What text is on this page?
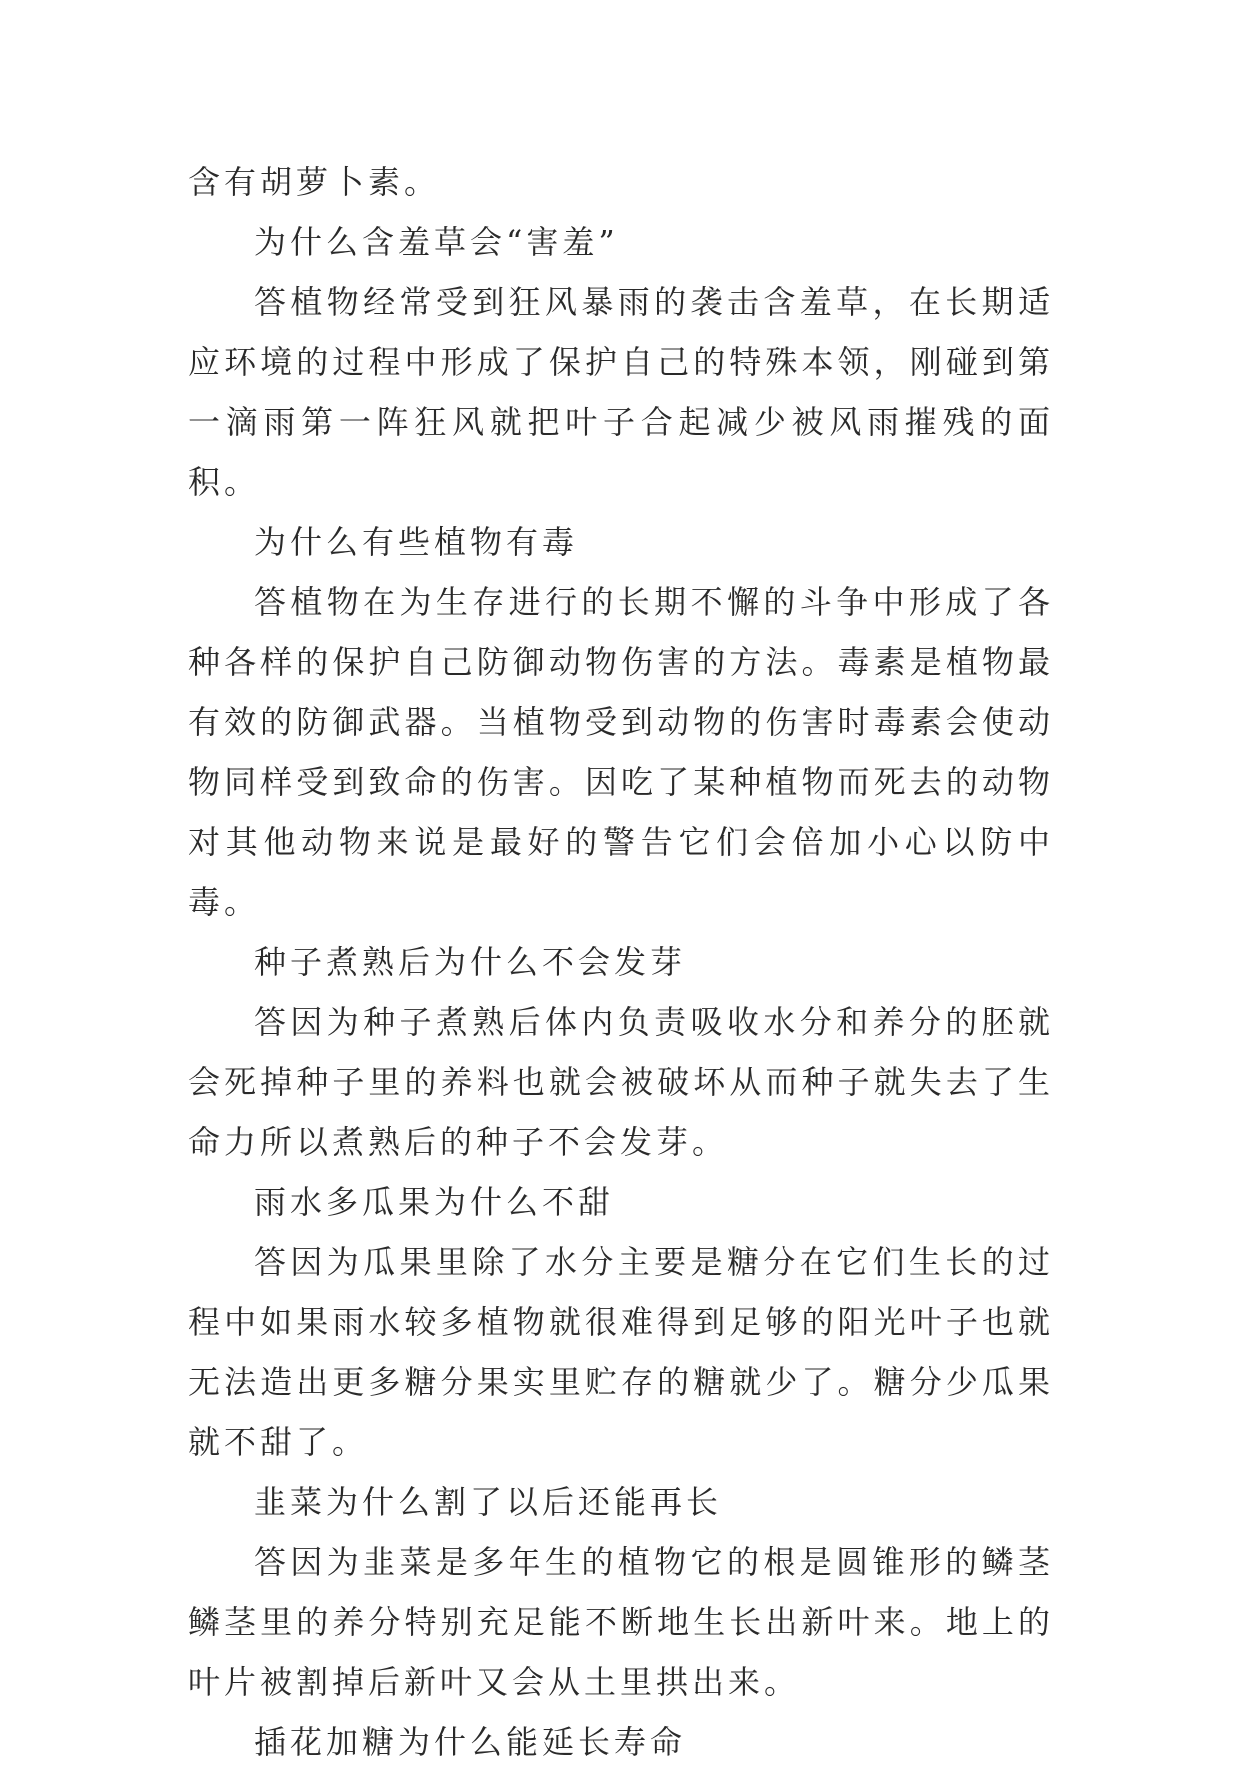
含有胡萝卜素。

为什么含羞草会“害羞”

答植物经常受到狂风暴雨的袭击含羞草，在长期适应环境的过程中形成了保护自己的特殊本领，刚碰到第一滴雨第一阵狂风就把叶子合起减少被风雨摧残的面积。

为什么有些植物有毒

答植物在为生存进行的长期不懈的斗争中形成了各种各样的保护自己防御动物伤害的方法。毒素是植物最有效的防御武器。当植物受到动物的伤害时毒素会使动物同样受到致命的伤害。因吃了某种植物而死去的动物对其他动物来说是最好的警告它们会倍加小心以防中毒。

种子煮熟后为什么不会发芽

答因为种子煮熟后体内负责吸收水分和养分的胚就会死掉种子里的养料也就会被破坏从而种子就失去了生命力所以煮熟后的种子不会发芽。

雨水多瓜果为什么不甜

答因为瓜果里除了水分主要是糖分在它们生长的过程中如果雨水较多植物就很难得到足够的阳光叶子也就无法造出更多糖分果实里贮存的糖就少了。糖分少瓜果就不甜了。

韭菜为什么割了以后还能再长

答因为韭菜是多年生的植物它的根是圆锥形的鳞茎鳞茎里的养分特别充足能不断地生长出新叶来。地上的叶片被割掉后新叶又会从土里拱出来。

插花加糖为什么能延长寿命
